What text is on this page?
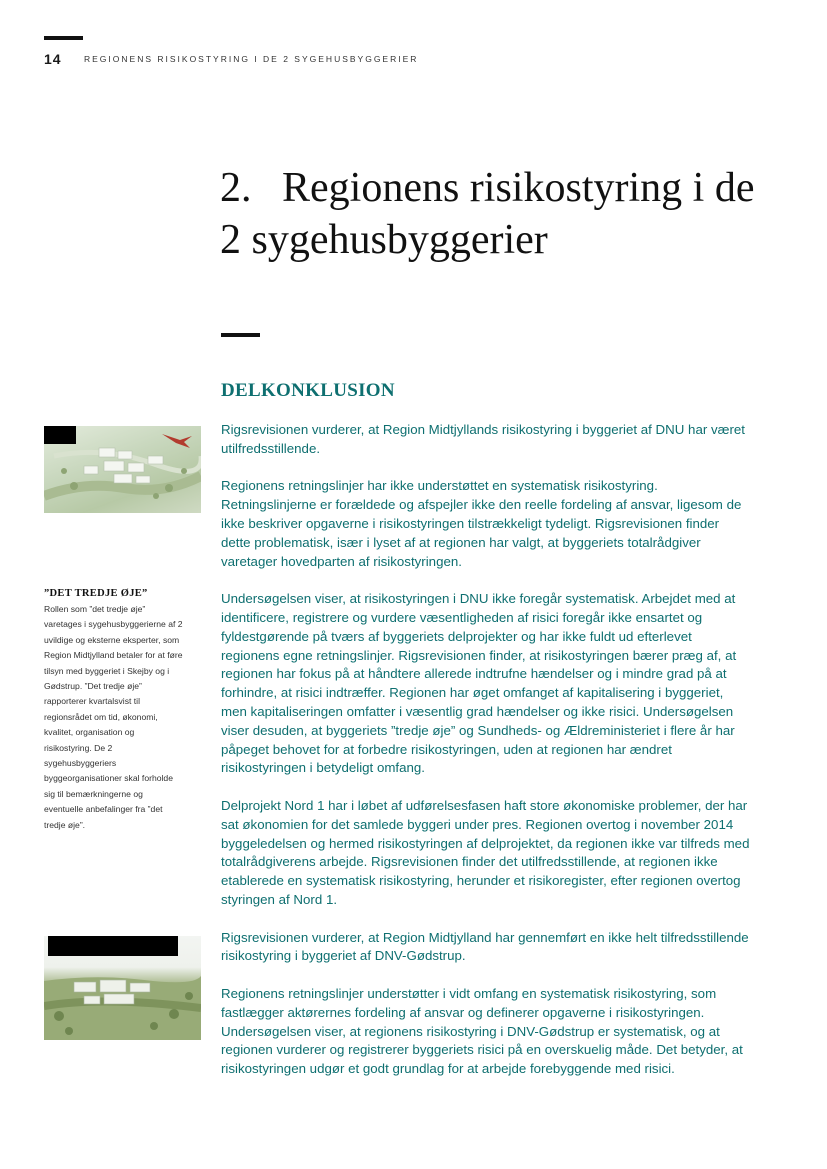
14	REGIONENS RISIKOSTYRING I DE 2 SYGEHUSBYGGERIER
2. Regionens risikostyring i de 2 sygehusbyggerier
DELKONKLUSION

Rigsrevisionen vurderer, at Region Midtjyllands risikostyring i byggeriet af DNU har været utilfredsstillende.

Regionens retningslinjer har ikke understøttet en systematisk risikostyring. Retningslinjerne er forældede og afspejler ikke den reelle fordeling af ansvar, ligesom de ikke beskriver opgaverne i risikostyringen tilstrækkeligt tydeligt. Rigsrevisionen finder dette problematisk, især i lyset af at regionen har valgt, at byggeriets totalrådgiver varetager hovedparten af risikostyringen.

Undersøgelsen viser, at risikostyringen i DNU ikke foregår systematisk. Arbejdet med at identificere, registrere og vurdere væsentligheden af risici foregår ikke ensartet og fyldestgørende på tværs af byggeriets delprojekter og har ikke fuldt ud efterlevet regionens egne retningslinjer. Rigsrevisionen finder, at risikostyringen bærer præg af, at regionen har fokus på at håndtere allerede indtrufne hændelser og i mindre grad på at forhindre, at risici indtræffer. Regionen har øget omfanget af kapitalisering i byggeriet, men kapitaliseringen omfatter i væsentlig grad hændelser og ikke risici. Undersøgelsen viser desuden, at byggeriets ”tredje øje” og Sundheds- og Ældreministeriet i flere år har påpeget behovet for at forbedre risikostyringen, uden at regionen har ændret risikostyringen i betydeligt omfang.

Delprojekt Nord 1 har i løbet af udførelsesfasen haft store økonomiske problemer, der har sat økonomien for det samlede byggeri under pres. Regionen overtog i november 2014 byggeledelsen og hermed risikostyringen af delprojektet, da regionen ikke var tilfreds med totalrådgiverens arbejde. Rigsrevisionen finder det utilfredsstillende, at regionen ikke etablerede en systematisk risikostyring, herunder et risikoregister, efter regionen overtog styringen af Nord 1.

Rigsrevisionen vurderer, at Region Midtjylland har gennemført en ikke helt tilfredsstillende risikostyring i byggeriet af DNV-Gødstrup.

Regionens retningslinjer understøtter i vidt omfang en systematisk risikostyring, som fastlægger aktørernes fordeling af ansvar og definerer opgaverne i risikostyringen. Undersøgelsen viser, at regionens risikostyring i DNV-Gødstrup er systematisk, og at regionen vurderer og registrerer byggeriets risici på en overskuelig måde. Det betyder, at risikostyringen udgør et godt grundlag for at arbejde forebyggende med risici.

”DET TREDJE ØJE”

Rollen som ”det tredje øje” varetages i sygehusbyggerierne af 2 uvildige og eksterne eksperter, som Region Midtjylland betaler for at føre tilsyn med byggeriet i Skejby og i Gødstrup. ”Det tredje øje” rapporterer kvartalsvist til regionsrådet om tid, økonomi, kvalitet, organisation og risikostyring. De 2 sygehusbyggeriers byggeorganisationer skal forholde sig til bemærkningerne og eventuelle anbefalinger fra ”det tredje øje”.
